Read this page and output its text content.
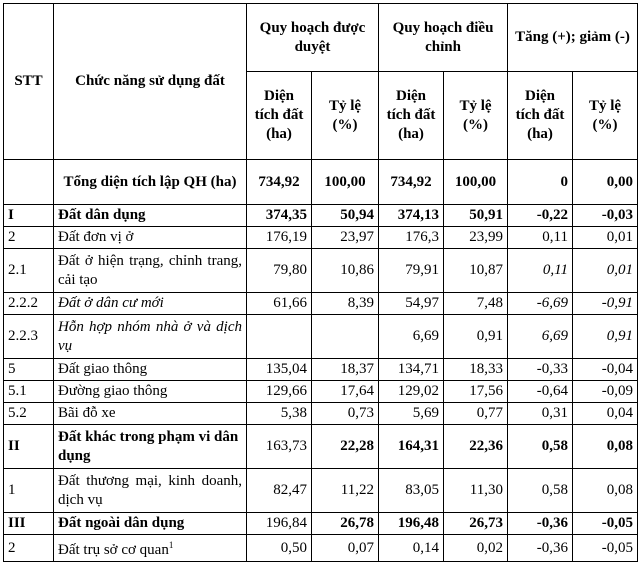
STT	Chức năng sử dụng đất	Quy hoạch được duyệt		Quy hoạch điều chỉnh		Tăng (+); giảm (-)	
		Diện tích đất (ha)	Tỷ lệ (%)	Diện tích đất (ha)	Tỷ lệ (%)	Diện tích đất (ha)	Tỷ lệ (%)
	Tổng diện tích lập QH (ha)	734,92	100,00	734,92	100,00	0	0,00
I	Đất dân dụng	374,35	50,94	374,13	50,91	-0,22	-0,03
2	Đất đơn vị ở	176,19	23,97	176,3	23,99	0,11	0,01
2.1	Đất ở hiện trạng, chỉnh trang, cải tạo	79,80	10,86	79,91	10,87	0,11	0,01
2.2.2	Đất ở dân cư mới	61,66	8,39	54,97	7,48	-6,69	-0,91
2.2.3	Hỗn hợp nhóm nhà ở và dịch vụ			6,69	0,91	6,69	0,91
5	Đất giao thông	135,04	18,37	134,71	18,33	-0,33	-0,04
5.1	Đường giao thông	129,66	17,64	129,02	17,56	-0,64	-0,09
5.2	Bãi đỗ xe	5,38	0,73	5,69	0,77	0,31	0,04
II	Đất khác trong phạm vi dân dụng	163,73	22,28	164,31	22,36	0,58	0,08
1	Đất thương mại, kinh doanh, dịch vụ	82,47	11,22	83,05	11,30	0,58	0,08
III	Đất ngoài dân dụng	196,84	26,78	196,48	26,73	-0,36	-0,05
2	Đất trụ sở cơ quan$^1$	0,50	0,07	0,14	0,02	-0,36	-0,05
